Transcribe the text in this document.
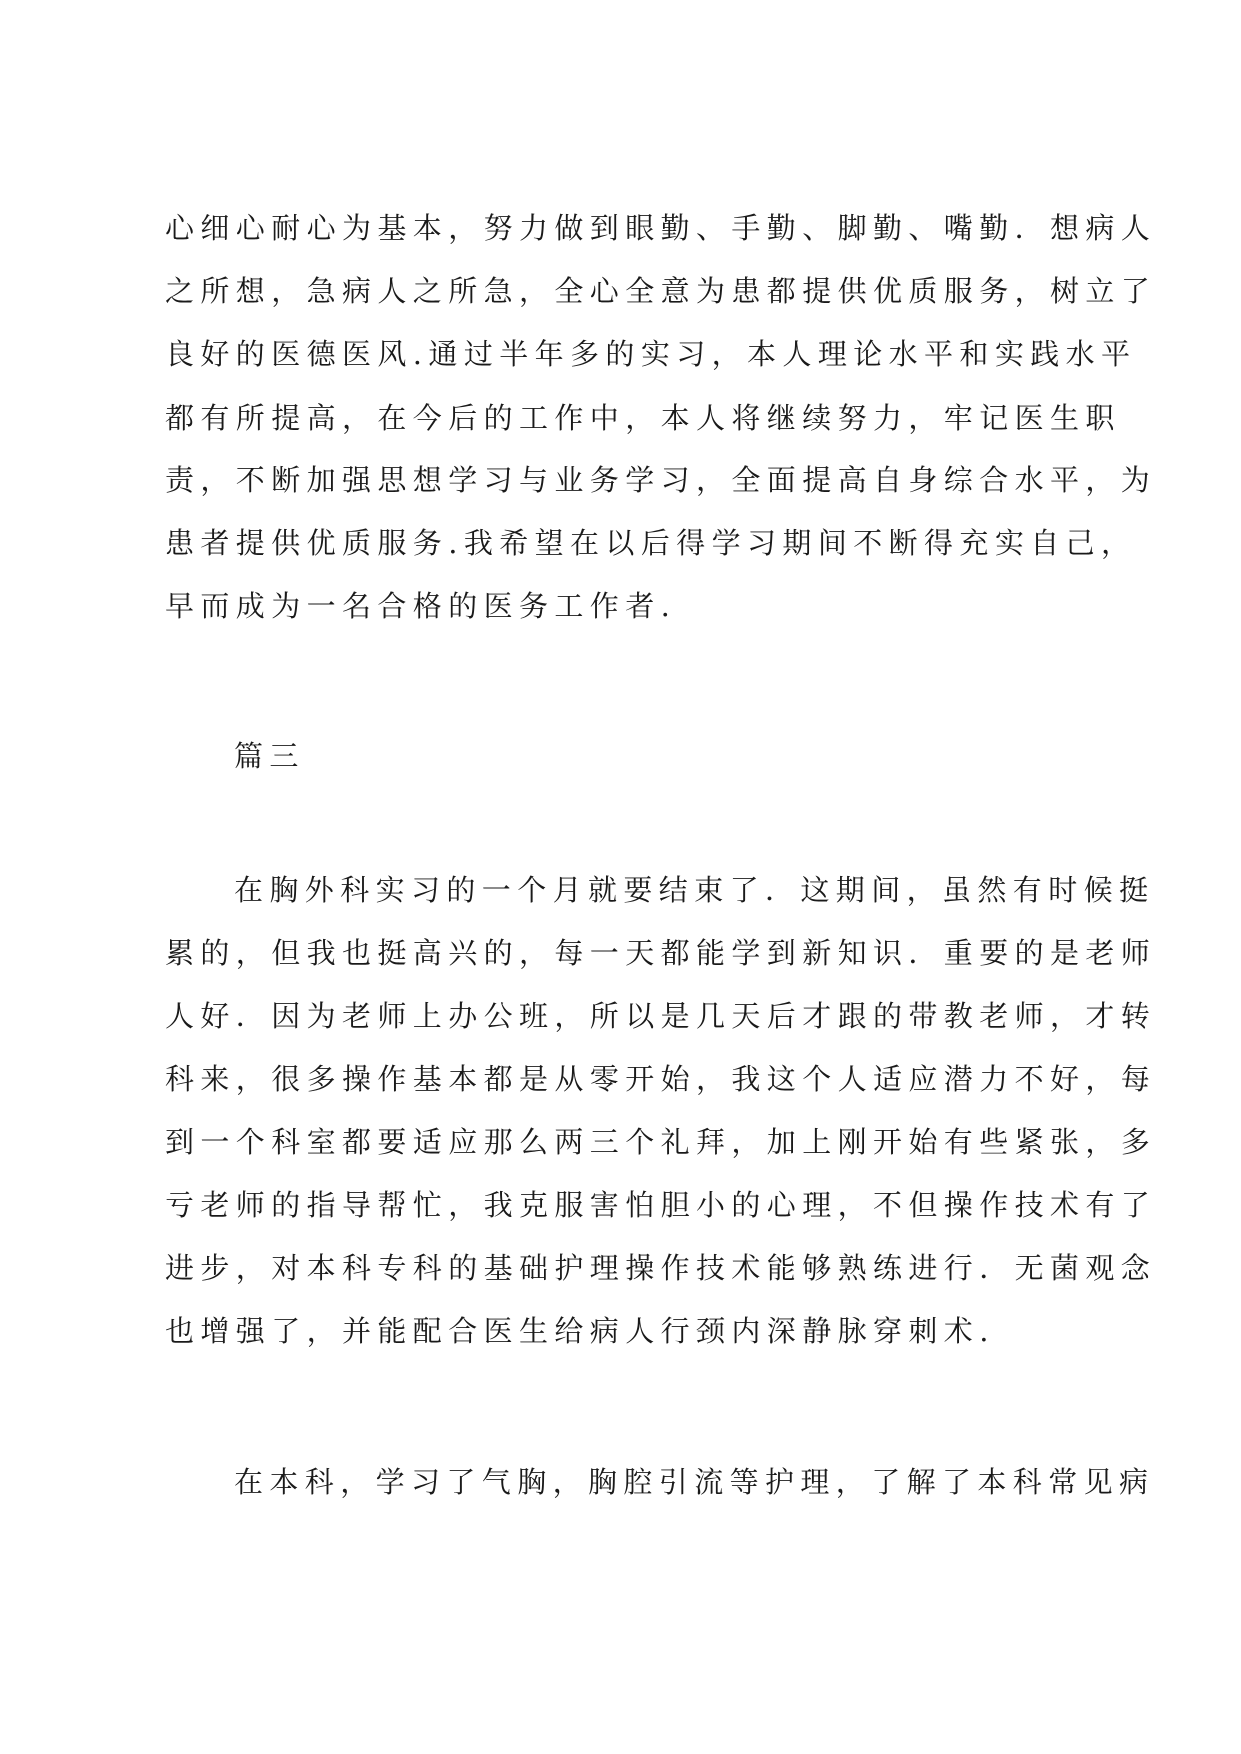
心细心耐心为基本，努力做到眼勤、手勤、脚勤、嘴勤．想病人
之所想，急病人之所急，全心全意为患都提供优质服务，树立了
良好的医德医风.通过半年多的实习，本人理论水平和实践水平
都有所提高，在今后的工作中，本人将继续努力，牢记医生职
责，不断加强思想学习与业务学习，全面提高自身综合水平，为
患者提供优质服务.我希望在以后得学习期间不断得充实自己，
早而成为一名合格的医务工作者.
篇三
在胸外科实习的一个月就要结束了．这期间，虽然有时候挺
累的，但我也挺高兴的，每一天都能学到新知识．重要的是老师
人好．因为老师上办公班，所以是几天后才跟的带教老师，才转
科来，很多操作基本都是从零开始，我这个人适应潜力不好，每
到一个科室都要适应那么两三个礼拜，加上刚开始有些紧张，多
亏老师的指导帮忙，我克服害怕胆小的心理，不但操作技术有了
进步，对本科专科的基础护理操作技术能够熟练进行．无菌观念
也增强了，并能配合医生给病人行颈内深静脉穿刺术.
在本科，学习了气胸，胸腔引流等护理，了解了本科常见病
